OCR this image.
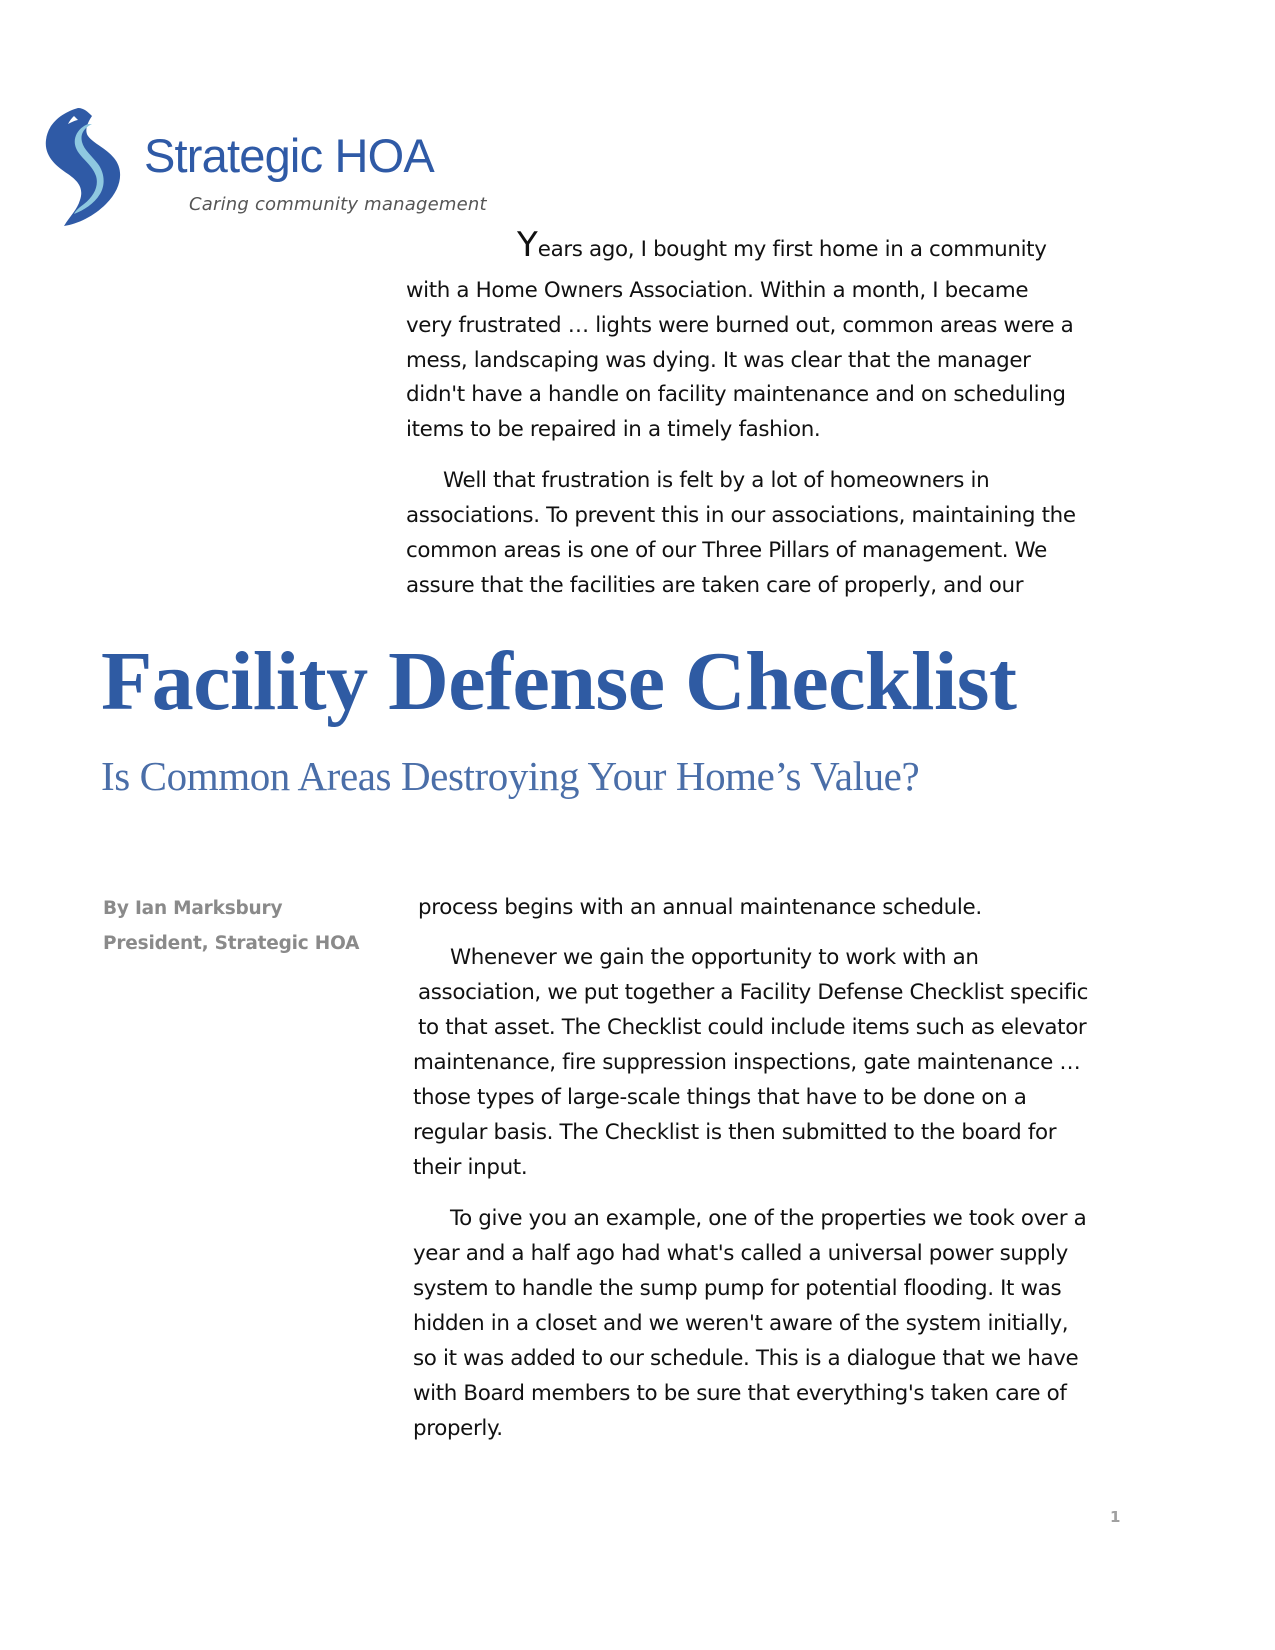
Strategic HOA
Caring community management
Years ago, I bought my first home in a community
with a Home Owners Association. Within a month, I became
very frustrated … lights were burned out, common areas were a
mess, landscaping was dying. It was clear that the manager
didn't have a handle on facility maintenance and on scheduling
items to be repaired in a timely fashion.
Well that frustration is felt by a lot of homeowners in
associations. To prevent this in our associations, maintaining the
common areas is one of our Three Pillars of management. We
assure that the facilities are taken care of properly, and our
Facility Defense Checklist
Is Common Areas Destroying Your Home’s Value?
By Ian Marksbury
President, Strategic HOA
process begins with an annual maintenance schedule.
Whenever we gain the opportunity to work with an
association, we put together a Facility Defense Checklist specific
to that asset. The Checklist could include items such as elevator
maintenance, fire suppression inspections, gate maintenance …
those types of large-scale things that have to be done on a
regular basis. The Checklist is then submitted to the board for
their input.
To give you an example, one of the properties we took over a
year and a half ago had what's called a universal power supply
system to handle the sump pump for potential flooding. It was
hidden in a closet and we weren't aware of the system initially,
so it was added to our schedule. This is a dialogue that we have
with Board members to be sure that everything's taken care of
properly.
1
